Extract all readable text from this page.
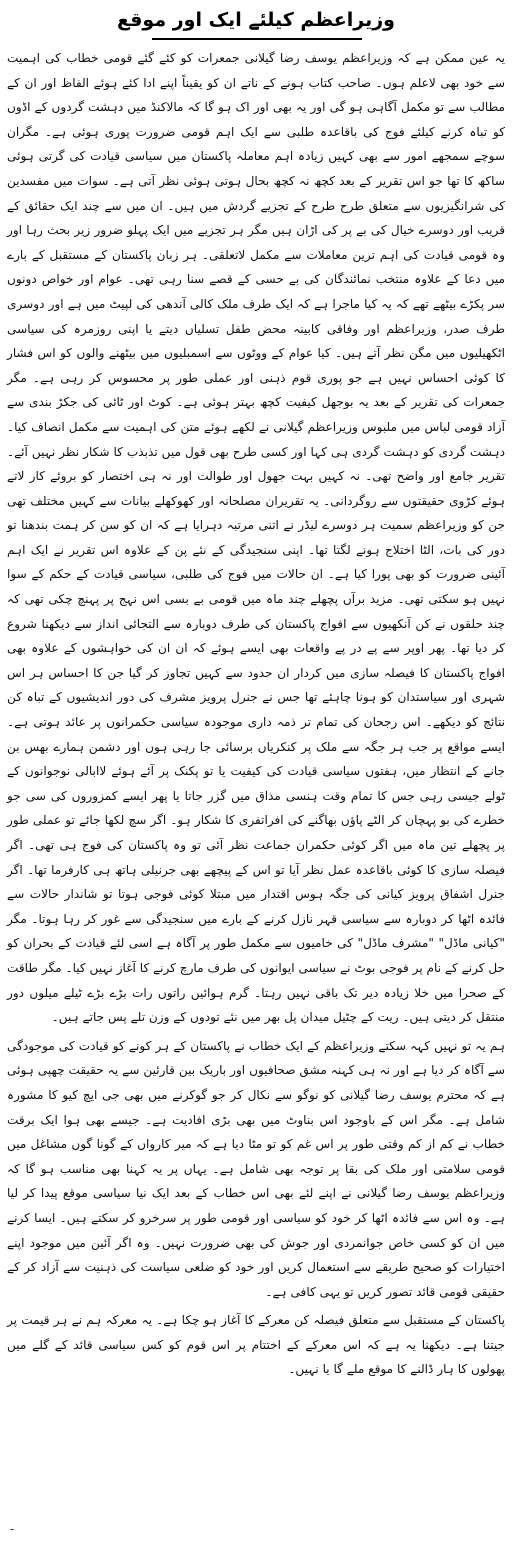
وزیراعظم کیلئے ایک اور موقع

یہ عین ممکن ہے کہ وزیراعظم یوسف رضا گیلانی جمعرات کو کئے گئے قومی خطاب کی اہمیت سے خود بھی لاعلم ہوں۔ صاحب کتاب ہونے کے ناتے ان کو یقیناً اپنے ادا کئے ہوئے الفاظ اور ان کے مطالب سے تو مکمل آگاہی ہو گی اور یہ بھی اور اک ہو گا کہ مالاکنڈ میں دہشت گردوں کے اڈوں کو تباہ کرنے کیلئے فوج کی باقاعدہ طلبی سے ایک اہم قومی ضرورت پوری ہوئی ہے۔ مگران سوچے سمجھے امور سے بھی کہیں زیادہ اہم معاملہ پاکستان میں سیاسی قیادت کی گرتی ہوئی ساکھ کا تھا جو اس تقریر کے بعد کچھ نہ کچھ بحال ہوتی ہوئی نظر آتی ہے۔ سوات میں مفسدین کی شرانگیزیوں سے متعلق طرح طرح کے تجزیے گردش میں ہیں۔ ان میں سے چند ایک حقائق کے قریب اور دوسرے خیال کی بے پر کی اڑان ہیں مگر ہر تجزیے میں ایک پہلو ضرور زیر بحث رہا اور وہ قومی قیادت کی اہم ترین معاملات سے مکمل لاتعلقی۔ ہر زبان پاکستان کے مستقبل کے بارے میں دعا کے علاوہ منتخب نمائندگان کی بے حسی کے قصے سنا رہی تھی۔ عوام اور خواص دونوں سر پکڑے بیٹھے تھے کہ یہ کیا ماجرا ہے کہ ایک طرف ملک کالی آندھی کی لپیٹ میں ہے اور دوسری طرف صدر، وزیراعظم اور وفاقی کابینہ محض طفل تسلیاں دیتے یا اپنی روزمرہ کی سیاسی اٹکھیلیوں میں مگن نظر آتے ہیں۔ کیا عوام کے ووٹوں سے اسمبلیوں میں بیٹھنے والوں کو اس فشار کا کوئی احساس نہیں ہے جو پوری قوم ذہنی اور عملی طور پر محسوس کر رہی ہے۔ مگر جمعرات کی تقریر کے بعد یہ بوجھل کیفیت کچھ بہتر ہوئی ہے۔ کوٹ اور ٹائی کی جکڑ بندی سے آزاد قومی لباس میں ملبوس وزیراعظم گیلانی نے لکھے ہوئے متن کی اہمیت سے مکمل انصاف کیا۔ دہشت گردی کو دہشت گردی ہی کہا اور کسی طرح بھی قول میں تذبذب کا شکار نظر نہیں آئے۔ تقریر جامع اور واضح تھی۔ نہ کہیں بہت جھول اور طوالت اور نہ ہی اختصار کو بروئے کار لاتے ہوئے کڑوی حقیقتوں سے روگردانی۔ یہ تقریران مصلحانہ اور کھوکھلے بیانات سے کہیں مختلف تھی جن کو وزیراعظم سمیت ہر دوسرے لیڈر نے اتنی مرتبہ دہرایا ہے کہ ان کو سن کر ہمت بندھنا تو دور کی بات، الٹا اختلاج ہونے لگتا تھا۔ اپنی سنجیدگی کے نئے پن کے علاوہ اس تقریر نے ایک اہم آئینی ضرورت کو بھی پورا کیا ہے۔ ان حالات میں فوج کی طلبی، سیاسی قیادت کے حکم کے سوا نہیں ہو سکتی تھی۔ مزید برآں پچھلے چند ماہ میں قومی بے بسی اس نہج پر پہنچ چکی تھی کہ چند حلقوں نے کن آنکھیوں سے افواج پاکستان کی طرف دوبارہ سے التجائی انداز سے دیکھنا شروع کر دیا تھا۔ پھر اوپر سے پے در پے واقعات بھی ایسے ہوئے کہ ان ان کی خواہشوں کے علاوہ بھی افواج پاکستان کا فیصلہ سازی میں کردار ان حدود سے کہیں تجاوز کر گیا جن کا احساس ہر اس شہری اور سیاستدان کو ہونا چاہئے تھا جس نے جنرل پرویز مشرف کی دور اندیشیوں کے تباہ کن نتائج کو دیکھے۔ اس رجحان کی تمام تر ذمہ داری موجودہ سیاسی حکمرانوں پر عائد ہوتی ہے۔ ایسے مواقع پر جب ہر جگہ سے ملک پر کنکریاں برسائی جا رہی ہوں اور دشمن ہمارے بھس بن جانے کے انتظار میں، ہفتوں سیاسی قیادت کی کیفیت یا تو پکنک پر آئے ہوئے لاابالی نوجوانوں کے ٹولے جیسی رہی جس کا تمام وقت ہنسی مذاق میں گزر جاتا یا پھر ایسے کمزوروں کی سی جو خطرے کی بو پہچان کر الٹے پاؤں بھاگنے کی افراتفری کا شکار ہو۔ اگر سچ لکھا جائے تو عملی طور پر پچھلے تین ماہ میں اگر کوئی حکمران جماعت نظر آئی تو وہ پاکستان کی فوج ہی تھی۔ اگر فیصلہ سازی کا کوئی باقاعدہ عمل نظر آیا تو اس کے پیچھے بھی جرنیلی ہاتھ ہی کارفرما تھا۔ اگر جنرل اشفاق پرویز کیانی کی جگہ ہوس اقتدار میں مبتلا کوئی فوجی ہوتا تو شاندار حالات سے فائدہ اٹھا کر دوبارہ سے سیاسی قہر نازل کرنے کے بارے میں سنجیدگی سے غور کر رہا ہوتا۔ مگر "کیانی ماڈل" "مشرف ماڈل" کی خامیوں سے مکمل طور پر آگاہ ہے اسی لئے قیادت کے بحران کو حل کرنے کے نام پر فوجی بوٹ نے سیاسی ایوانوں کی طرف مارچ کرنے کا آغاز نہیں کیا۔ مگر طاقت کے صحرا میں خلا زیادہ دیر تک باقی نہیں رہتا۔ گرم ہوائیں راتوں رات بڑے بڑے ٹیلے میلوں دور منتقل کر دیتی ہیں۔ ریت کے چٹیل میدان پل بھر میں نئے تودوں کے وزن تلے پس جاتے ہیں۔

ہم یہ تو نہیں کہہ سکتے وزیراعظم کے ایک خطاب نے پاکستان کے ہر کونے کو قیادت کی موجودگی سے آگاہ کر دیا ہے اور نہ ہی کہنہ مشق صحافیوں اور باریک بین قارئین سے یہ حقیقت چھپی ہوئی ہے کہ محترم یوسف رضا گیلانی کو نوگو سے نکال کر جو گوکرنے میں بھی جی ایچ کیو کا مشورہ شامل ہے۔ مگر اس کے باوجود اس بناوٹ میں بھی بڑی افادیت ہے۔ جیسے بھی ہوا ایک برقت خطاب نے کم از کم وقتی طور پر اس غم کو تو مٹا دیا ہے کہ میر کارواں کے گونا گوں مشاغل میں قومی سلامتی اور ملک کی بقا پر توجہ بھی شامل ہے۔ یہاں پر یہ کہنا بھی مناسب ہو گا کہ وزیراعظم یوسف رضا گیلانی نے اپنے لئے بھی اس خطاب کے بعد ایک نیا سیاسی موقع پیدا کر لیا ہے۔ وہ اس سے فائدہ اٹھا کر خود کو سیاسی اور قومی طور پر سرخرو کر سکتے ہیں۔ ایسا کرنے میں ان کو کسی خاص جوانمردی اور جوش کی بھی ضرورت نہیں۔ وہ اگر آئین میں موجود اپنے اختیارات کو صحیح طریقے سے استعمال کریں اور خود کو ضلعی سیاست کی ذہنیت سے آزاد کر کے حقیقی قومی قائد تصور کریں تو یہی کافی ہے۔

پاکستان کے مستقبل سے متعلق فیصلہ کن معرکے کا آغاز ہو چکا ہے۔ یہ معرکہ ہم نے ہر قیمت پر جیتنا ہے۔ دیکھنا یہ ہے کہ اس معرکے کے اختتام پر اس قوم کو کس سیاسی قائد کے گلے میں پھولوں کا ہار ڈالنے کا موقع ملے گا یا نہیں۔

‐
